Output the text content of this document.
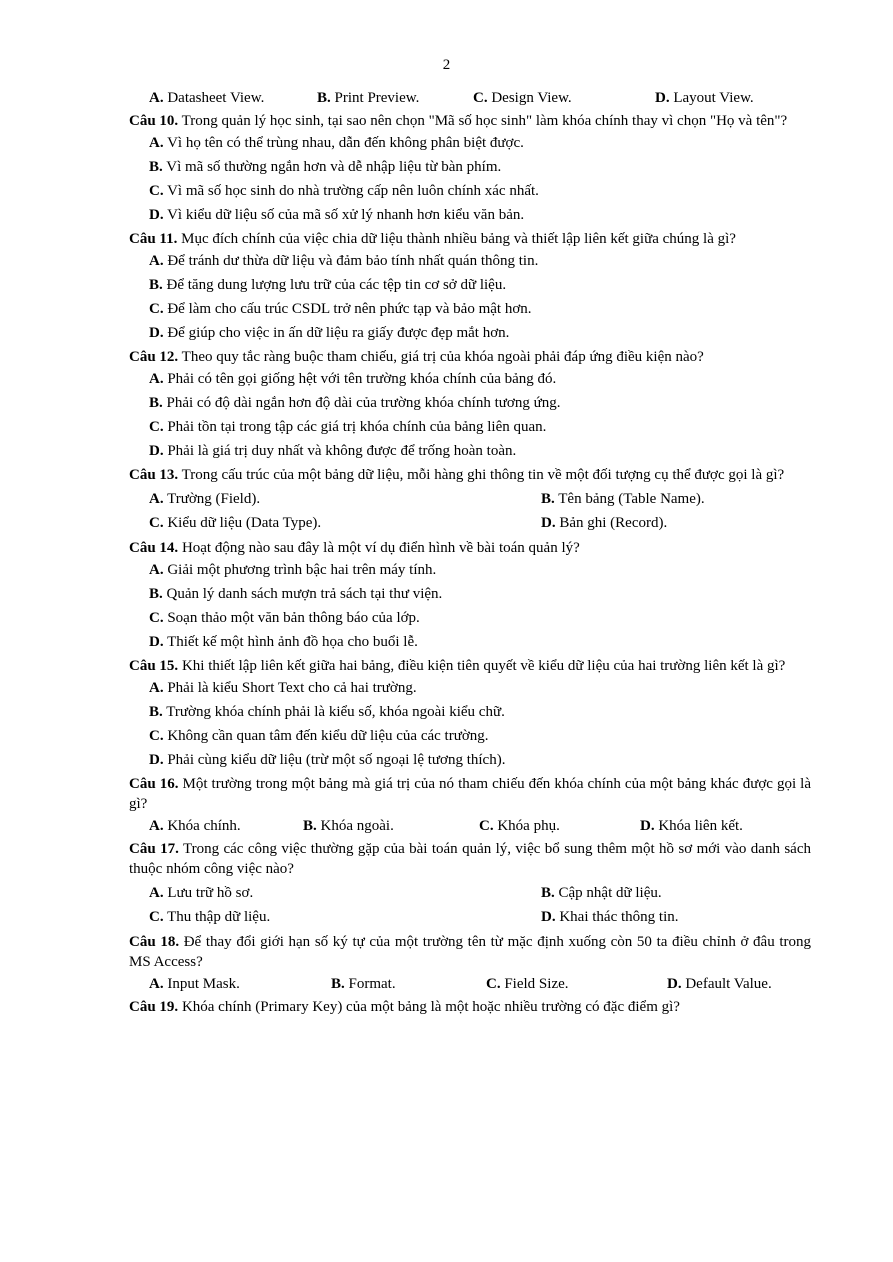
2
A. Datasheet View.	B. Print Preview.	C. Design View.	D. Layout View.

Câu 10. Trong quản lý học sinh, tại sao nên chọn "Mã số học sinh" làm khóa chính thay vì chọn "Họ và tên"?

A. Vì họ tên có thể trùng nhau, dẫn đến không phân biệt được.
B. Vì mã số thường ngắn hơn và dễ nhập liệu từ bàn phím.
C. Vì mã số học sinh do nhà trường cấp nên luôn chính xác nhất.
D. Vì kiểu dữ liệu số của mã số xử lý nhanh hơn kiểu văn bản.

Câu 11. Mục đích chính của việc chia dữ liệu thành nhiều bảng và thiết lập liên kết giữa chúng là gì?

A. Để tránh dư thừa dữ liệu và đảm bảo tính nhất quán thông tin.
B. Để tăng dung lượng lưu trữ của các tệp tin cơ sở dữ liệu.
C. Để làm cho cấu trúc CSDL trở nên phức tạp và bảo mật hơn.
D. Để giúp cho việc in ấn dữ liệu ra giấy được đẹp mắt hơn.

Câu 12. Theo quy tắc ràng buộc tham chiếu, giá trị của khóa ngoài phải đáp ứng điều kiện nào?

A. Phải có tên gọi giống hệt với tên trường khóa chính của bảng đó.
B. Phải có độ dài ngắn hơn độ dài của trường khóa chính tương ứng.
C. Phải tồn tại trong tập các giá trị khóa chính của bảng liên quan.
D. Phải là giá trị duy nhất và không được để trống hoàn toàn.

Câu 13. Trong cấu trúc của một bảng dữ liệu, mỗi hàng ghi thông tin về một đối tượng cụ thể được gọi là gì?

A. Trường (Field).	B. Tên bảng (Table Name).
C. Kiểu dữ liệu (Data Type).	D. Bản ghi (Record).

Câu 14. Hoạt động nào sau đây là một ví dụ điển hình về bài toán quản lý?

A. Giải một phương trình bậc hai trên máy tính.
B. Quản lý danh sách mượn trả sách tại thư viện.
C. Soạn thảo một văn bản thông báo của lớp.
D. Thiết kế một hình ảnh đồ họa cho buổi lễ.

Câu 15. Khi thiết lập liên kết giữa hai bảng, điều kiện tiên quyết về kiểu dữ liệu của hai trường liên kết là gì?

A. Phải là kiểu Short Text cho cả hai trường.
B. Trường khóa chính phải là kiểu số, khóa ngoài kiểu chữ.
C. Không cần quan tâm đến kiểu dữ liệu của các trường.
D. Phải cùng kiểu dữ liệu (trừ một số ngoại lệ tương thích).

Câu 16. Một trường trong một bảng mà giá trị của nó tham chiếu đến khóa chính của một bảng khác được gọi là gì?

A. Khóa chính.	B. Khóa ngoài.	C. Khóa phụ.	D. Khóa liên kết.

Câu 17. Trong các công việc thường gặp của bài toán quản lý, việc bổ sung thêm một hồ sơ mới vào danh sách thuộc nhóm công việc nào?

A. Lưu trữ hồ sơ.	B. Cập nhật dữ liệu.
C. Thu thập dữ liệu.	D. Khai thác thông tin.

Câu 18. Để thay đổi giới hạn số ký tự của một trường tên từ mặc định xuống còn 50 ta điều chỉnh ở đâu trong MS Access?

A. Input Mask.	B. Format.	C. Field Size.	D. Default Value.

Câu 19. Khóa chính (Primary Key) của một bảng là một hoặc nhiều trường có đặc điểm gì?
